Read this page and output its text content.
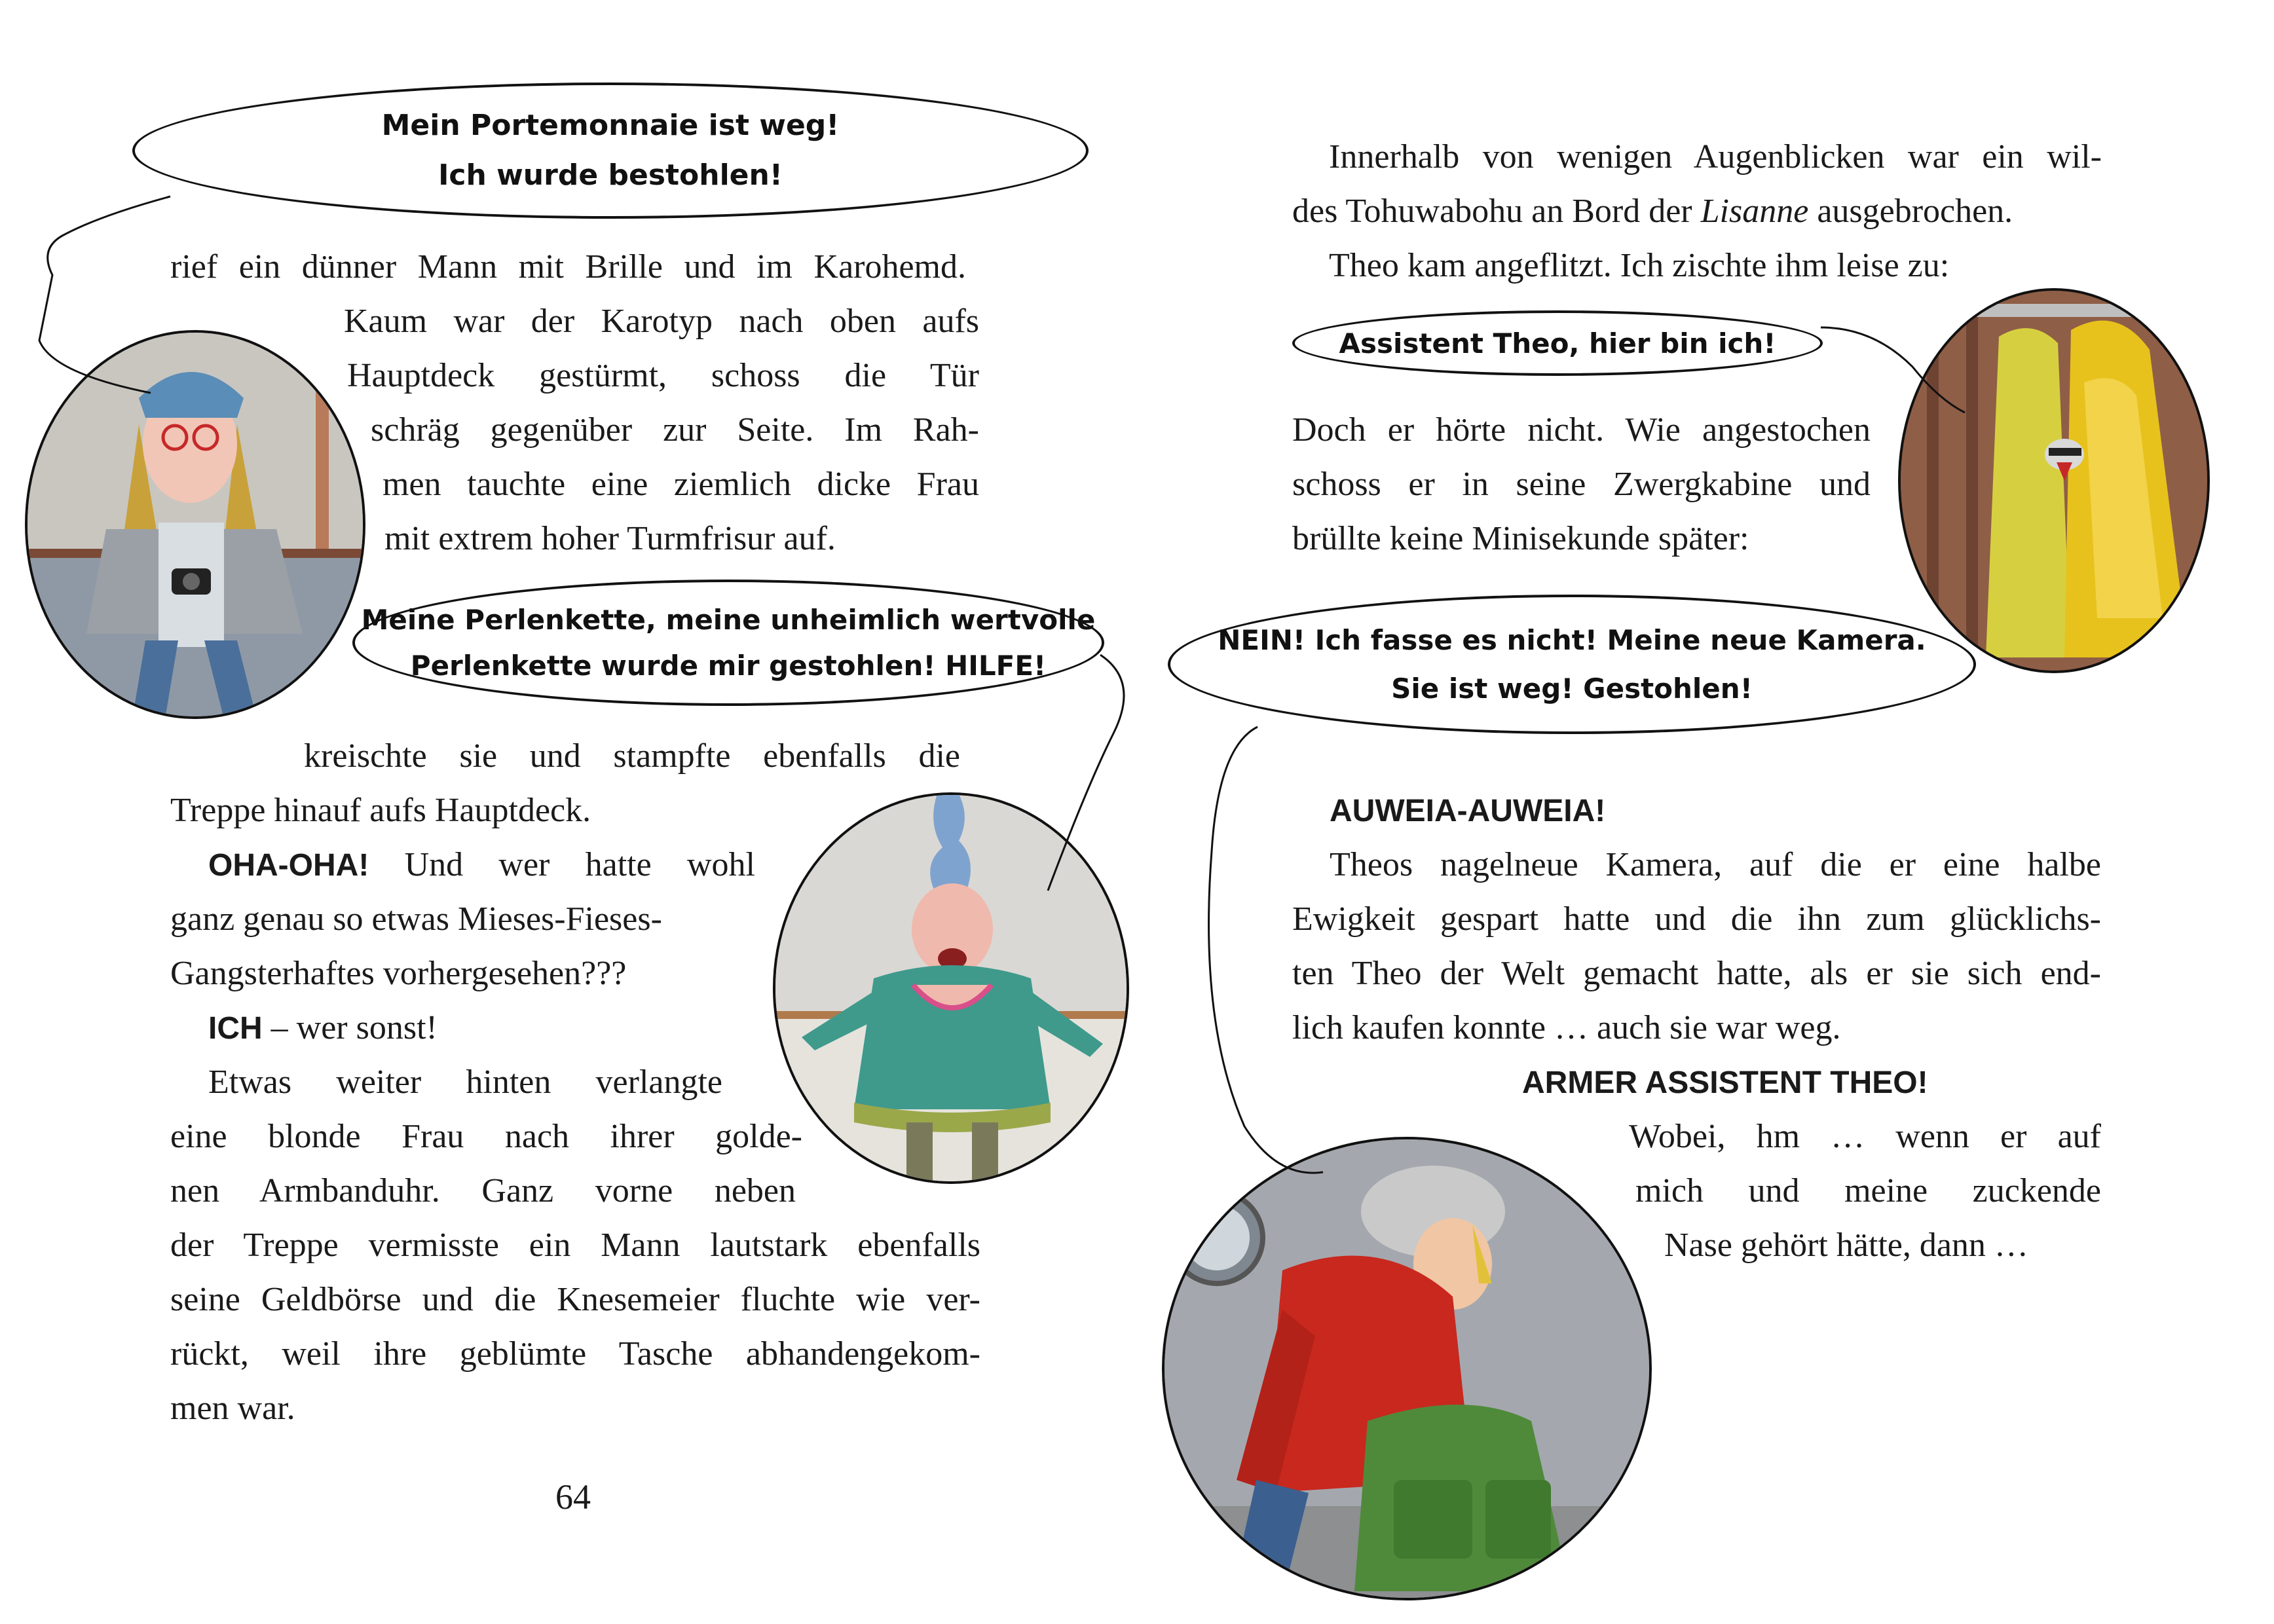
Mein Portemonnaie ist weg!
Ich wurde bestohlen!

rief ein dünner Mann mit Brille und im Karohemd.

Kaum war der Karotyp nach oben aufs

Hauptdeck gestürmt, schoss die Tür

schräg gegenüber zur Seite. Im Rah-

men tauchte eine ziemlich dicke Frau

mit extrem hoher Turmfrisur auf.

Meine Perlenkette, meine unheimlich wertvolle
Perlenkette wurde mir gestohlen! HILFE!

kreischte sie und stampfte ebenfalls die

Treppe hinauf aufs Hauptdeck.

OHA-OHA! Und wer hatte wohl

ganz genau so etwas Mieses-Fieses-

Gangsterhaftes vorhergesehen???

ICH – wer sonst!

Etwas weiter hinten verlangte

eine blonde Frau nach ihrer golde-

nen Armbanduhr. Ganz vorne neben

der Treppe vermisste ein Mann lautstark ebenfalls

seine Geldbörse und die Knesemeier fluchte wie ver-

rückt, weil ihre geblümte Tasche abhandengekom-

men war.

64

Innerhalb von wenigen Augenblicken war ein wil-

des Tohuwabohu an Bord der Lisanne ausgebrochen.

Theo kam angeflitzt. Ich zischte ihm leise zu:

Assistent Theo, hier bin ich!

Doch er hörte nicht. Wie angestochen

schoss er in seine Zwergkabine und

brüllte keine Minisekunde später:

NEIN! Ich fasse es nicht! Meine neue Kamera.
Sie ist weg! Gestohlen!

AUWEIA-AUWEIA!

Theos nagelneue Kamera, auf die er eine halbe

Ewigkeit gespart hatte und die ihn zum glücklichs-

ten Theo der Welt gemacht hatte, als er sie sich end-

lich kaufen konnte … auch sie war weg.

ARMER ASSISTENT THEO!

Wobei, hm … wenn er auf

mich und meine zuckende

Nase gehört hätte, dann …
